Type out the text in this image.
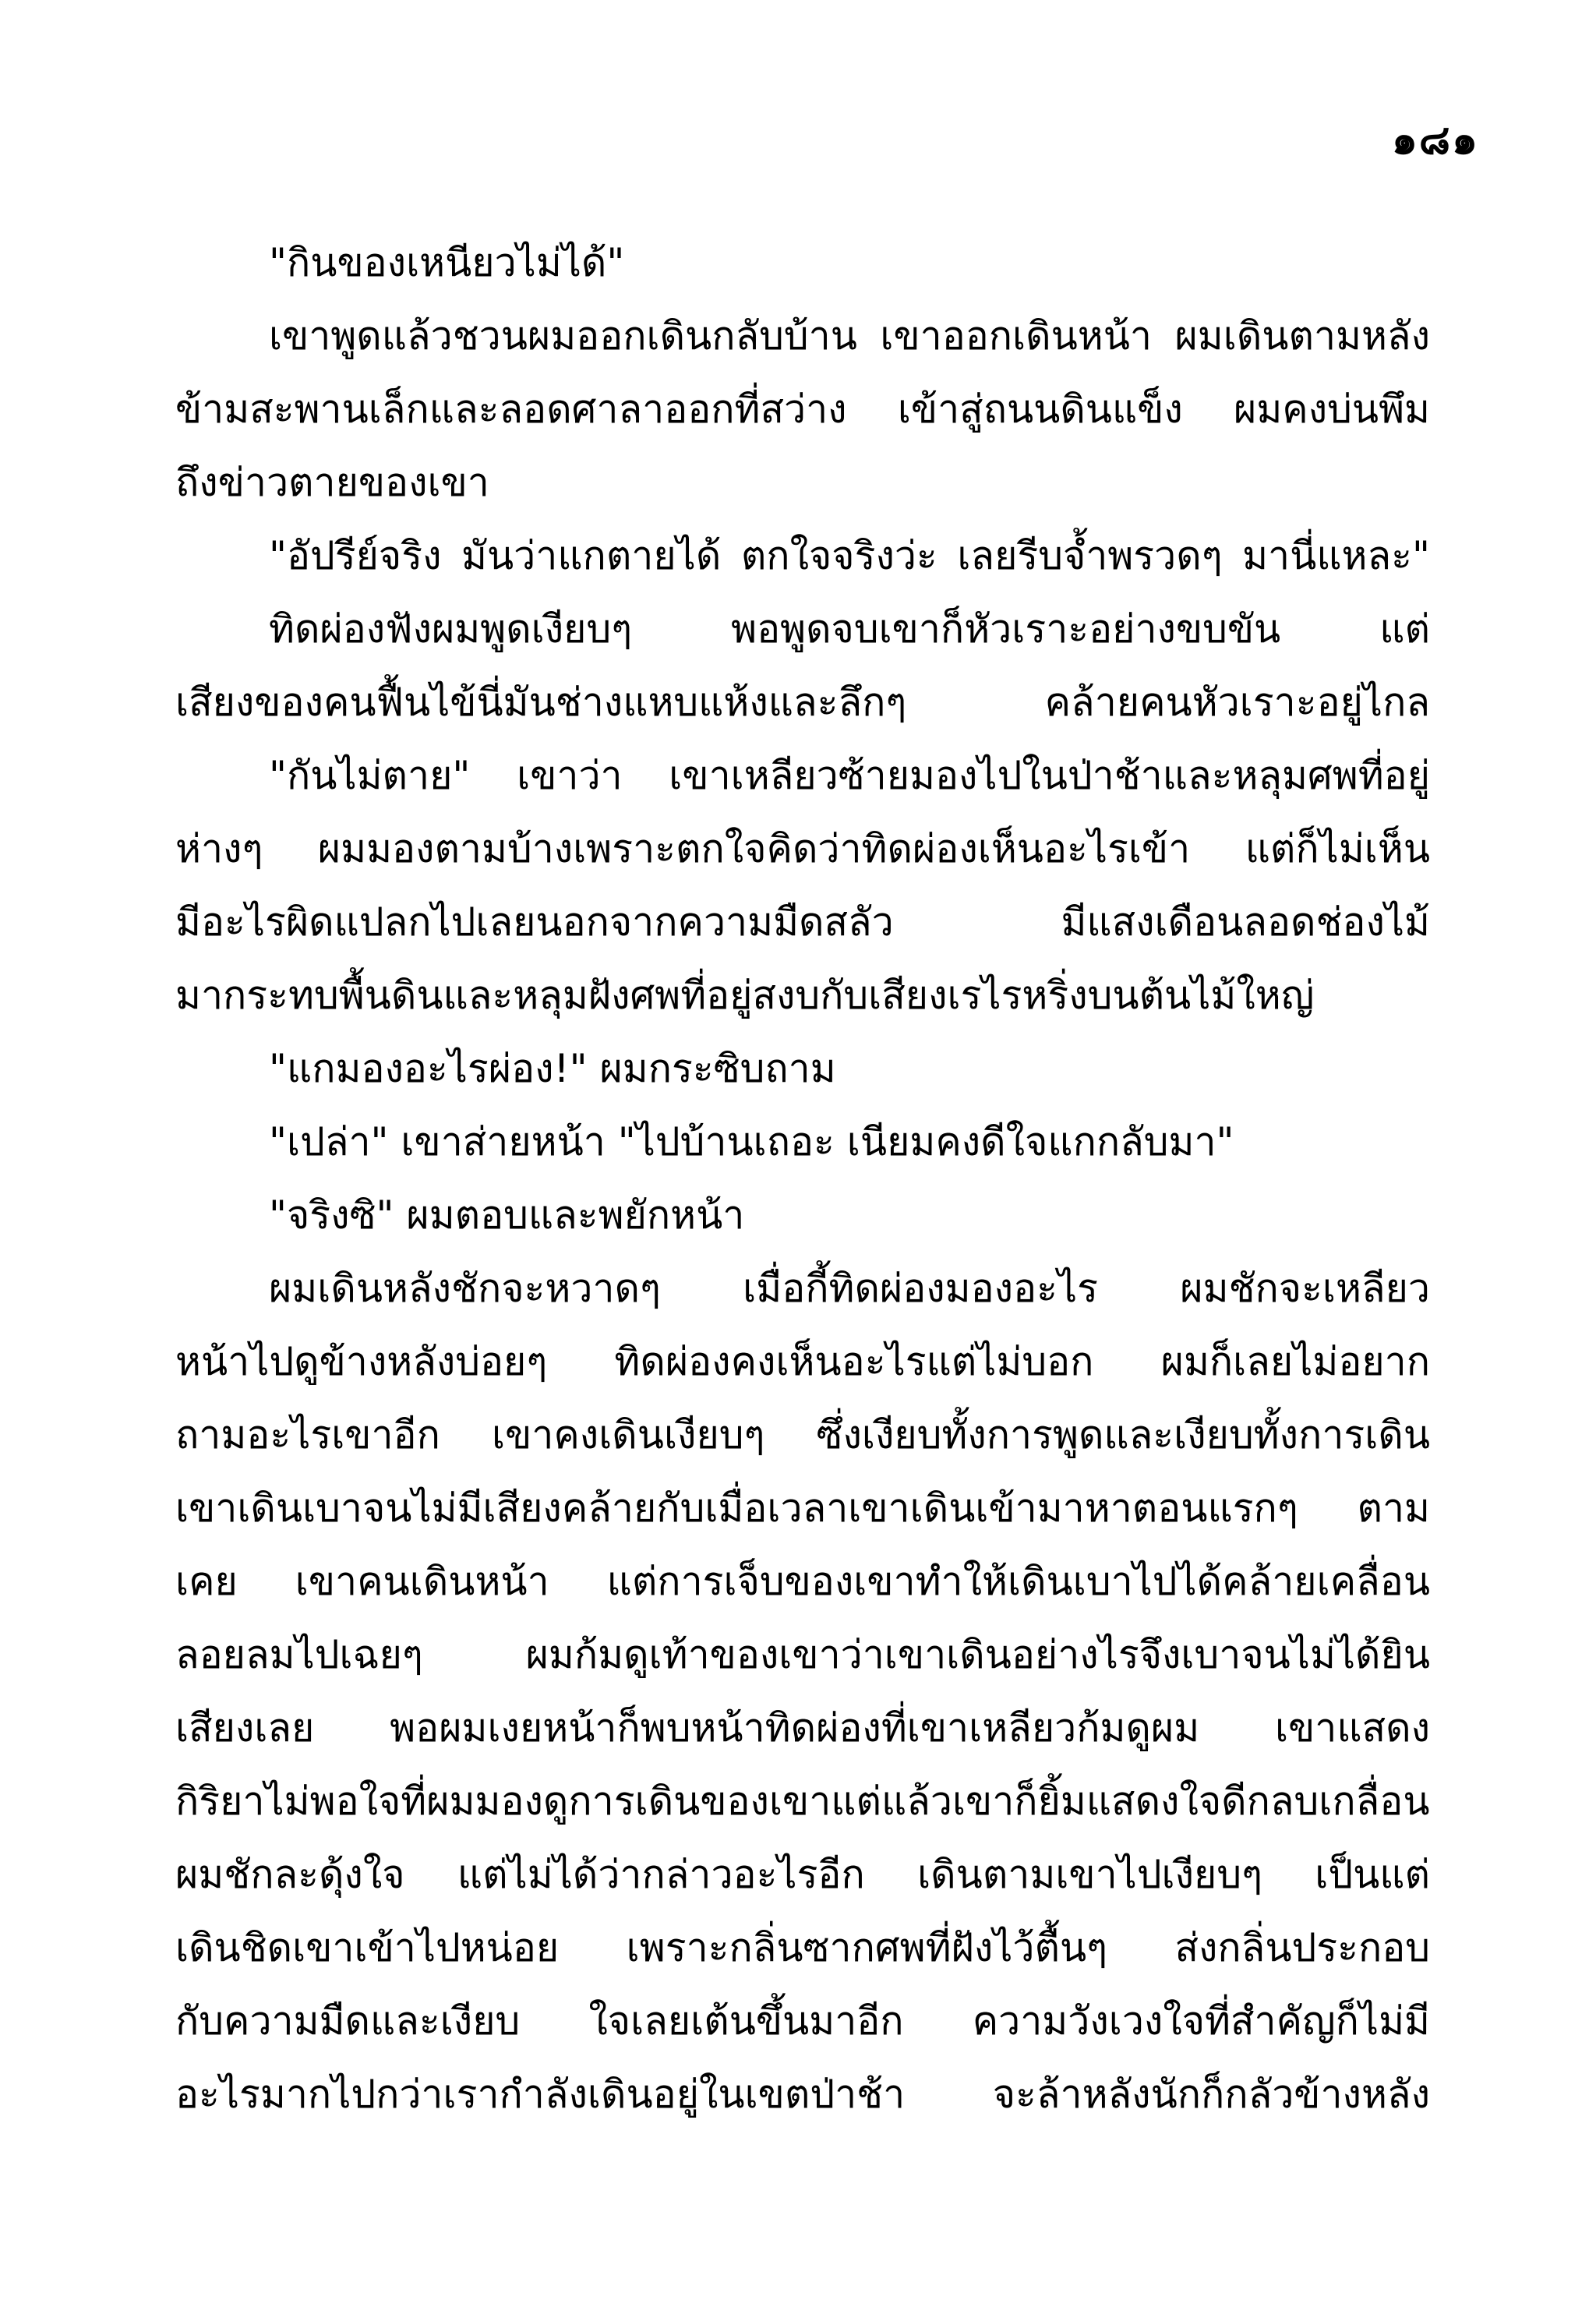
๑๘๑
"กินของเหนียวไม่ได้"
เขาพูดแล้วชวนผมออกเดินกลับบ้าน เขาออกเดินหน้า ผมเดินตามหลัง
ข้ามสะพานเล็กและลอดศาลาออกที่สว่าง เข้าสู่ถนนดินแข็ง ผมคงบ่นพึม
ถึงข่าวตายของเขา
"อัปรีย์จริง มันว่าแกตายได้ ตกใจจริงว่ะ เลยรีบจ้ำพรวดๆ มานี่แหละ"
ทิดผ่องฟังผมพูดเงียบๆ พอพูดจบเขาก็หัวเราะอย่างขบขัน แต่
เสียงของคนฟื้นไข้นี่มันช่างแหบแห้งและลึกๆ คล้ายคนหัวเราะอยู่ไกล
"กันไม่ตาย" เขาว่า เขาเหลียวซ้ายมองไปในป่าช้าและหลุมศพที่อยู่
ห่างๆ ผมมองตามบ้างเพราะตกใจคิดว่าทิดผ่องเห็นอะไรเข้า แต่ก็ไม่เห็น
มีอะไรผิดแปลกไปเลยนอกจากความมืดสลัว มีแสงเดือนลอดช่องไม้
มากระทบพื้นดินและหลุมฝังศพที่อยู่สงบกับเสียงเรไรหริ่งบนต้นไม้ใหญ่
"แกมองอะไรผ่อง!" ผมกระซิบถาม
"เปล่า" เขาส่ายหน้า "ไปบ้านเถอะ เนียมคงดีใจแกกลับมา"
"จริงซิ" ผมตอบและพยักหน้า
ผมเดินหลังชักจะหวาดๆ เมื่อกี้ทิดผ่องมองอะไร ผมชักจะเหลียว
หน้าไปดูข้างหลังบ่อยๆ ทิดผ่องคงเห็นอะไรแต่ไม่บอก ผมก็เลยไม่อยาก
ถามอะไรเขาอีก เขาคงเดินเงียบๆ ซึ่งเงียบทั้งการพูดและเงียบทั้งการเดิน
เขาเดินเบาจนไม่มีเสียงคล้ายกับเมื่อเวลาเขาเดินเข้ามาหาตอนแรกๆ ตาม
เคย เขาคนเดินหน้า แต่การเจ็บของเขาทำให้เดินเบาไปได้คล้ายเคลื่อน
ลอยลมไปเฉยๆ ผมก้มดูเท้าของเขาว่าเขาเดินอย่างไรจึงเบาจนไม่ได้ยิน
เสียงเลย พอผมเงยหน้าก็พบหน้าทิดผ่องที่เขาเหลียวก้มดูผม เขาแสดง
กิริยาไม่พอใจที่ผมมองดูการเดินของเขาแต่แล้วเขาก็ยิ้มแสดงใจดีกลบเกลื่อน
ผมชักละดุ้งใจ แต่ไม่ได้ว่ากล่าวอะไรอีก เดินตามเขาไปเงียบๆ เป็นแต่
เดินชิดเขาเข้าไปหน่อย เพราะกลิ่นซากศพที่ฝังไว้ตื้นๆ ส่งกลิ่นประกอบ
กับความมืดและเงียบ ใจเลยเต้นขึ้นมาอีก ความวังเวงใจที่สำคัญก็ไม่มี
อะไรมากไปกว่าเรากำลังเดินอยู่ในเขตป่าช้า จะล้าหลังนักก็กลัวข้างหลัง
